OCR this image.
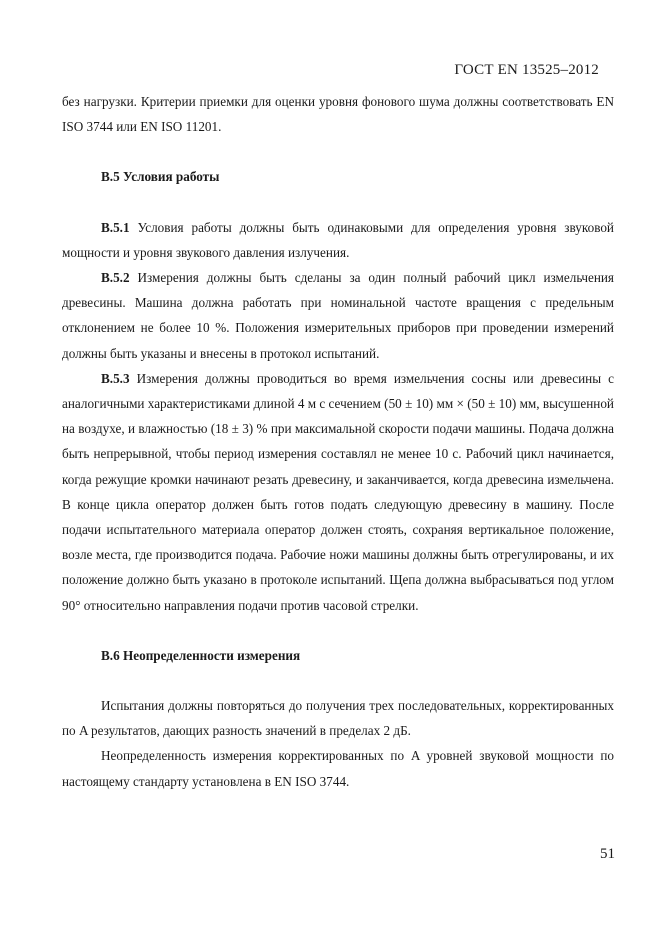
ГОСТ EN 13525–2012

без нагрузки. Критерии приемки для оценки уровня фонового шума должны соответствовать EN ISO 3744 или EN ISO 11201.

B.5 Условия работы

B.5.1 Условия работы должны быть одинаковыми для определения уровня звуковой мощности и уровня звукового давления излучения.

B.5.2 Измерения должны быть сделаны за один полный рабочий цикл измельчения древесины. Машина должна работать при номинальной частоте вращения с предельным отклонением не более 10 %. Положения измерительных приборов при проведении измерений должны быть указаны и внесены в протокол испытаний.

B.5.3 Измерения должны проводиться во время измельчения сосны или древесины с аналогичными характеристиками длиной 4 м с сечением (50 ± 10) мм × (50 ± 10) мм, высушенной на воздухе, и влажностью (18 ± 3) % при максимальной скорости подачи машины. Подача должна быть непрерывной, чтобы период измерения составлял не менее 10 с. Рабочий цикл начинается, когда режущие кромки начинают резать древесину, и заканчивается, когда древесина измельчена. В конце цикла оператор должен быть готов подать следующую древесину в машину. После подачи испытательного материала оператор должен стоять, сохраняя вертикальное положение, возле места, где производится подача. Рабочие ножи машины должны быть отрегулированы, и их положение должно быть указано в протоколе испытаний. Щепа должна выбрасываться под углом 90° относительно направления подачи против часовой стрелки.

B.6 Неопределенности измерения

Испытания должны повторяться до получения трех последовательных, корректированных по A результатов, дающих разность значений в пределах 2 дБ.

Неопределенность измерения корректированных по A уровней звуковой мощности по настоящему стандарту установлена в EN ISO 3744.

51
